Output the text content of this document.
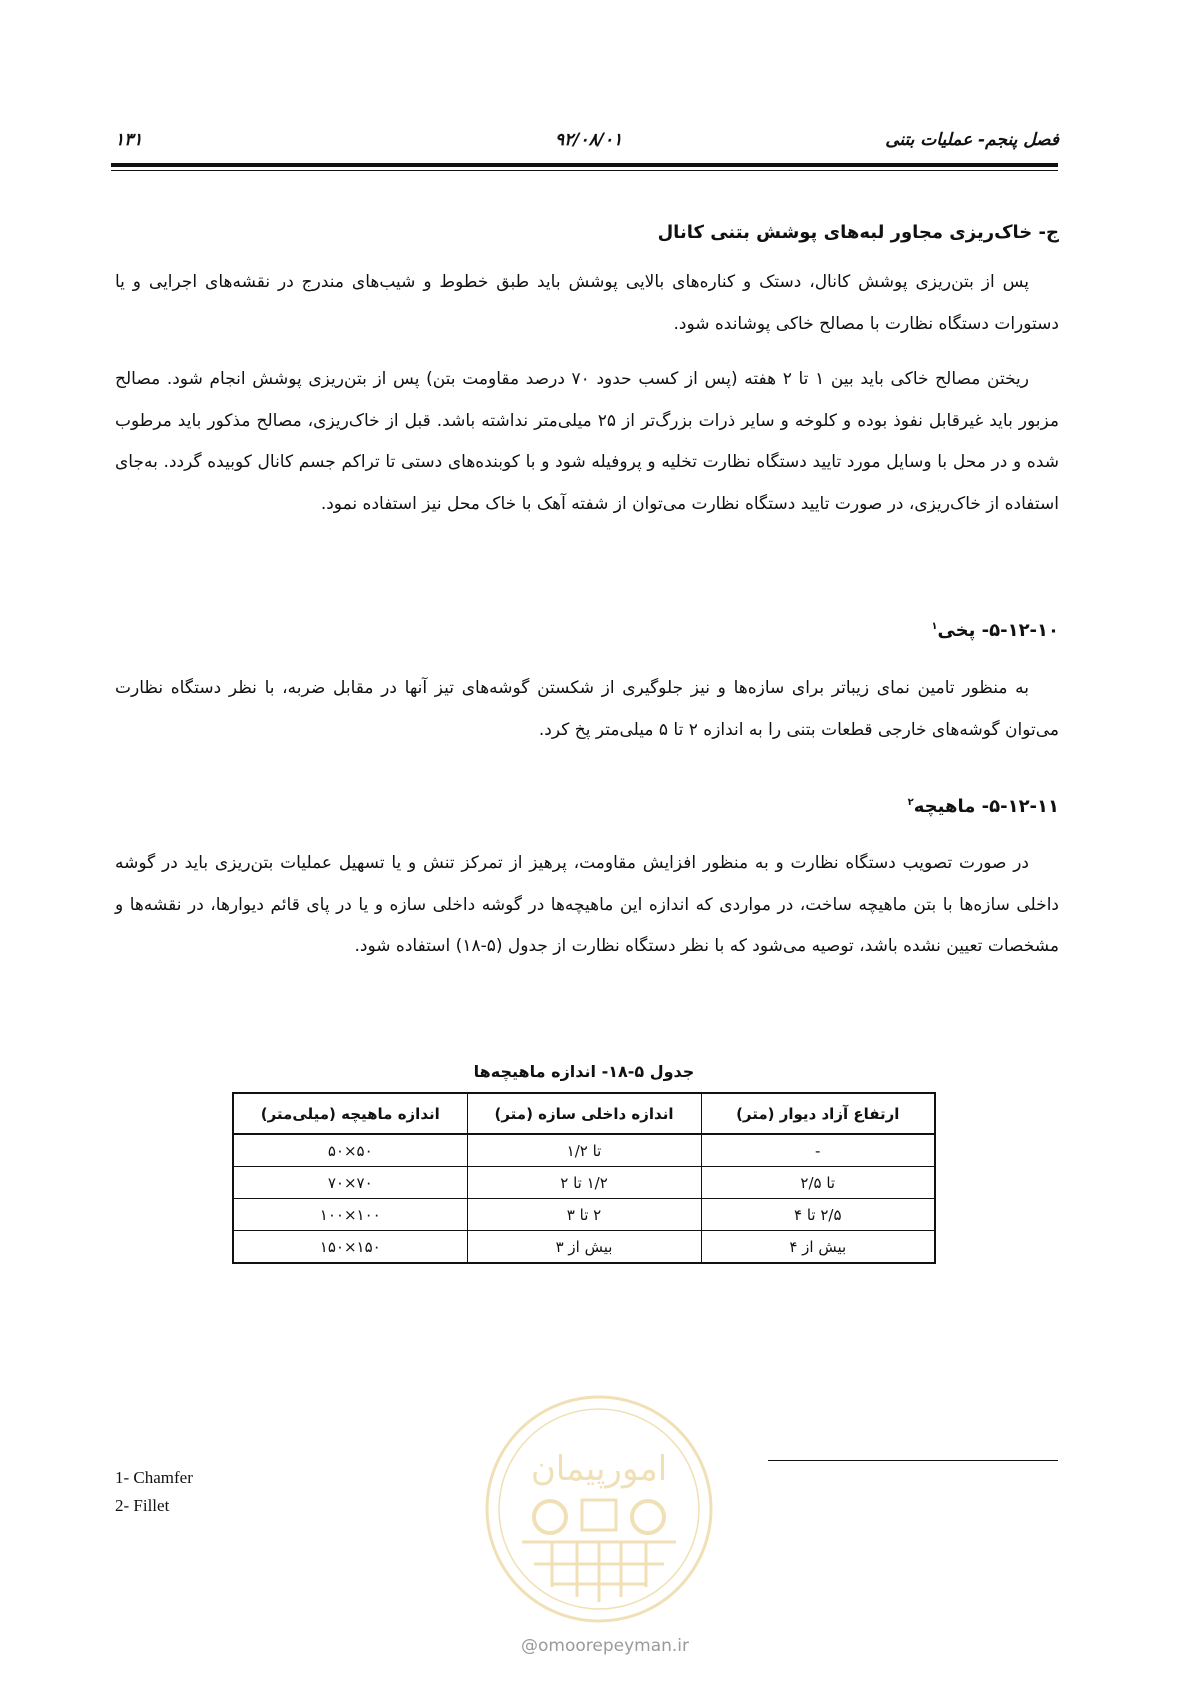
فصل پنجم- عملیات بتنی
۹۲/۰۸/۰۱
۱۳۱
ج- خاک‌ریزی مجاور لبه‌های پوشش بتنی کانال
پس از بتن‌ریزی پوشش کانال، دستک و کناره‌های بالایی پوشش باید طبق خطوط و شیب‌های مندرج در نقشه‌های اجرایی و یا دستورات دستگاه نظارت با مصالح خاکی پوشانده شود.
ریختن مصالح خاکی باید بین ۱ تا ۲ هفته (پس از کسب حدود ۷۰ درصد مقاومت بتن) پس از بتن‌ریزی پوشش انجام شود. مصالح مزبور باید غیرقابل نفوذ بوده و کلوخه و سایر ذرات بزرگ‌تر از ۲۵ میلی‌متر نداشته باشد. قبل از خاک‌ریزی، مصالح مذکور باید مرطوب شده و در محل با وسایل مورد تایید دستگاه نظارت تخلیه و پروفیله شود و با کوبنده‌های دستی تا تراکم جسم کانال کوبیده گردد. به‌جای استفاده از خاک‌ریزی، در صورت تایید دستگاه نظارت می‌توان از شفته آهک با خاک محل نیز استفاده نمود.
۵-۱۲-۱۰- پخی$^۱$
به منظور تامین نمای زیباتر برای سازه‌ها و نیز جلوگیری از شکستن گوشه‌های تیز آنها در مقابل ضربه، با نظر دستگاه نظارت می‌توان گوشه‌های خارجی قطعات بتنی را به اندازه ۲ تا ۵ میلی‌متر پخ کرد.
۵-۱۲-۱۱- ماهیچه$^۲$
در صورت تصویب دستگاه نظارت و به منظور افزایش مقاومت، پرهیز از تمرکز تنش و یا تسهیل عملیات بتن‌ریزی باید در گوشه داخلی سازه‌ها با بتن ماهیچه ساخت، در مواردی که اندازه این ماهیچه‌ها در گوشه داخلی سازه و یا در پای قائم دیوارها، در نقشه‌ها و مشخصات تعیین نشده باشد، توصیه می‌شود که با نظر دستگاه نظارت از جدول (۵-۱۸) استفاده شود.
جدول ۵-۱۸- اندازه ماهیچه‌ها
ارتفاع آزاد دیوار (متر)	اندازه داخلی سازه (متر)	اندازه ماهیچه (میلی‌متر)
-	تا ۱/۲	۵۰×۵۰
تا ۲/۵	۱/۲ تا ۲	۷۰×۷۰
۲/۵ تا ۴	۲ تا ۳	۱۰۰×۱۰۰
بیش از ۴	بیش از ۳	۱۵۰×۱۵۰
امورپیمان
@omoorepeyman.ir
1- Chamfer
2- Fillet
